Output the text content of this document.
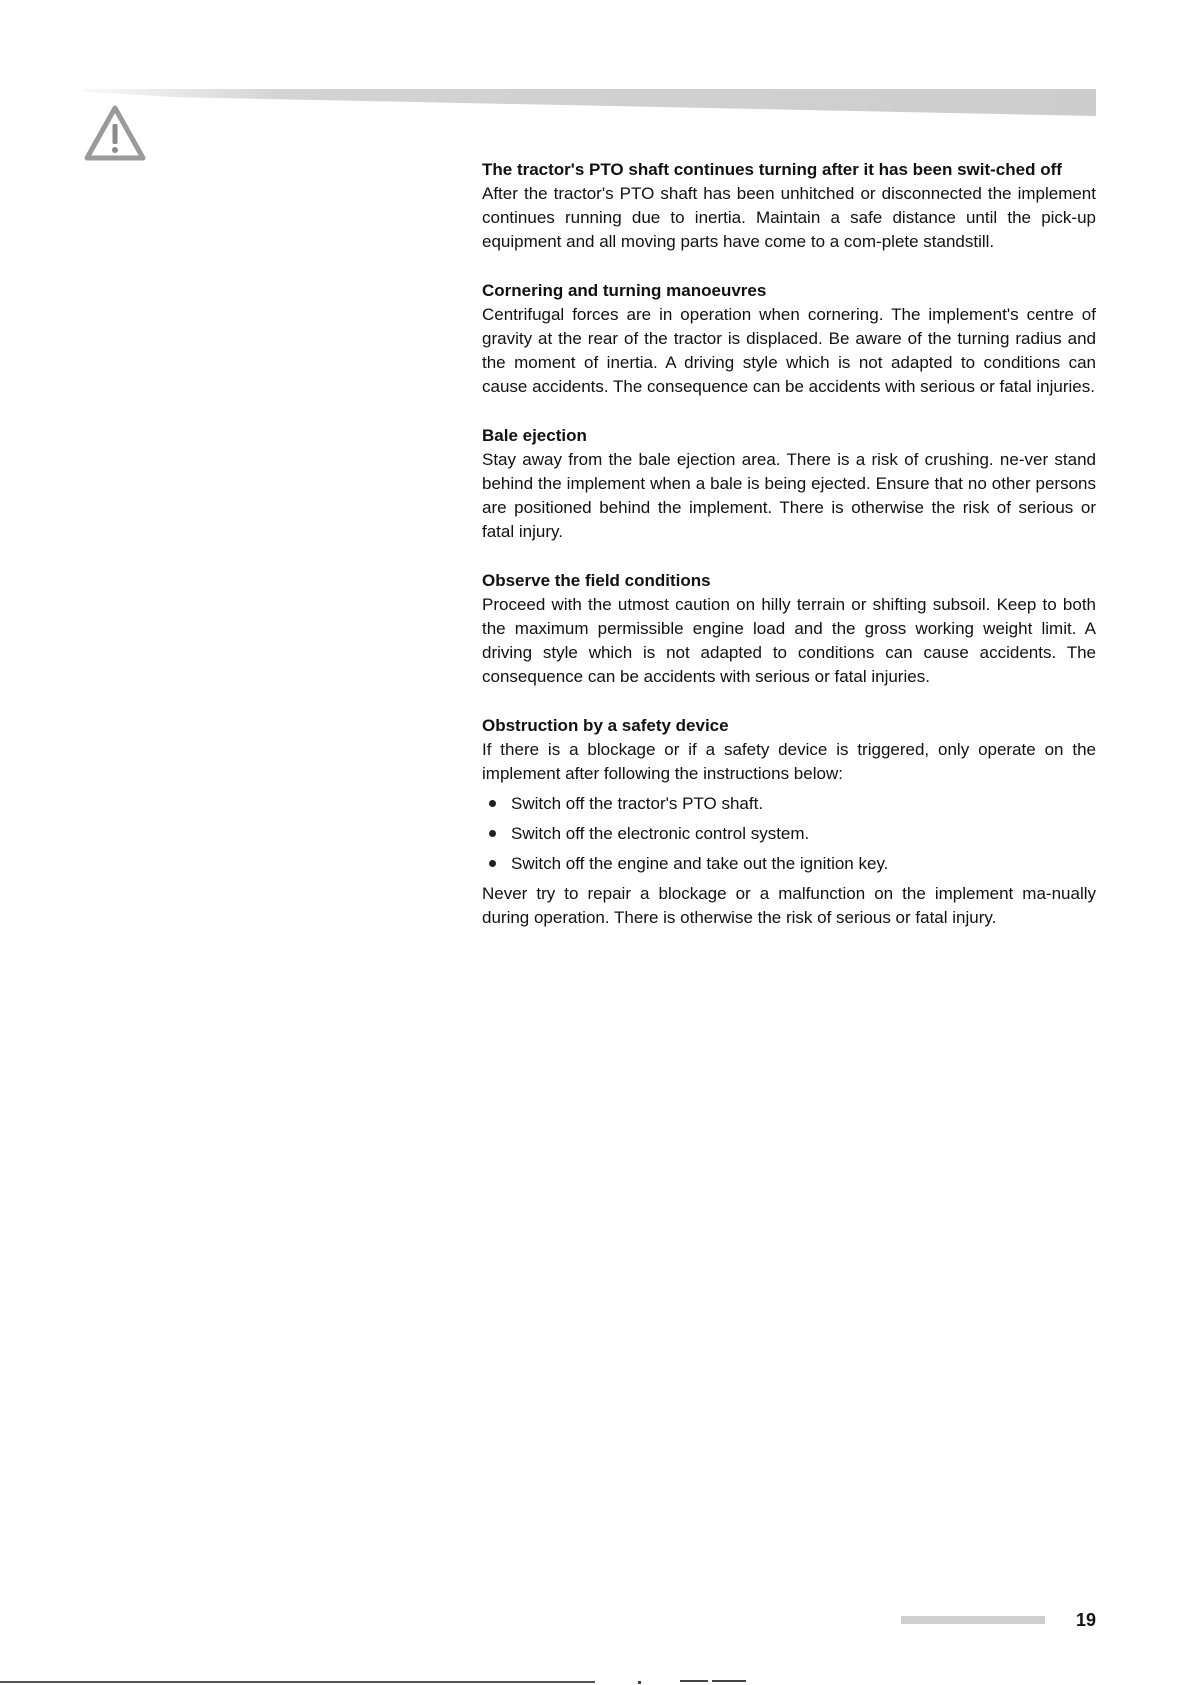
The tractor's PTO shaft continues turning after it has been swit-ched off

After the tractor's PTO shaft has been unhitched or disconnected the implement continues running due to inertia. Maintain a safe distance until the pick-up equipment and all moving parts have come to a com-plete standstill.

Cornering and turning manoeuvres

Centrifugal forces are in operation when cornering. The implement's centre of gravity at the rear of the tractor is displaced. Be aware of the turning radius and the moment of inertia. A driving style which is not adapted to conditions can cause accidents. The consequence can be accidents with serious or fatal injuries.

Bale ejection

Stay away from the bale ejection area. There is a risk of crushing. ne-ver stand behind the implement when a bale is being ejected. Ensure that no other persons are positioned behind the implement. There is otherwise the risk of serious or fatal injury.

Observe the field conditions

Proceed with the utmost caution on hilly terrain or shifting subsoil. Keep to both the maximum permissible engine load and the gross working weight limit. A driving style which is not adapted to conditions can cause accidents. The consequence can be accidents with serious or fatal injuries.

Obstruction by a safety device

If there is a blockage or if a safety device is triggered, only operate on the implement after following the instructions below:

Switch off the tractor's PTO shaft.
Switch off the electronic control system.
Switch off the engine and take out the ignition key.

Never try to repair a blockage or a malfunction on the implement ma-nually during operation. There is otherwise the risk of serious or fatal injury.

19
